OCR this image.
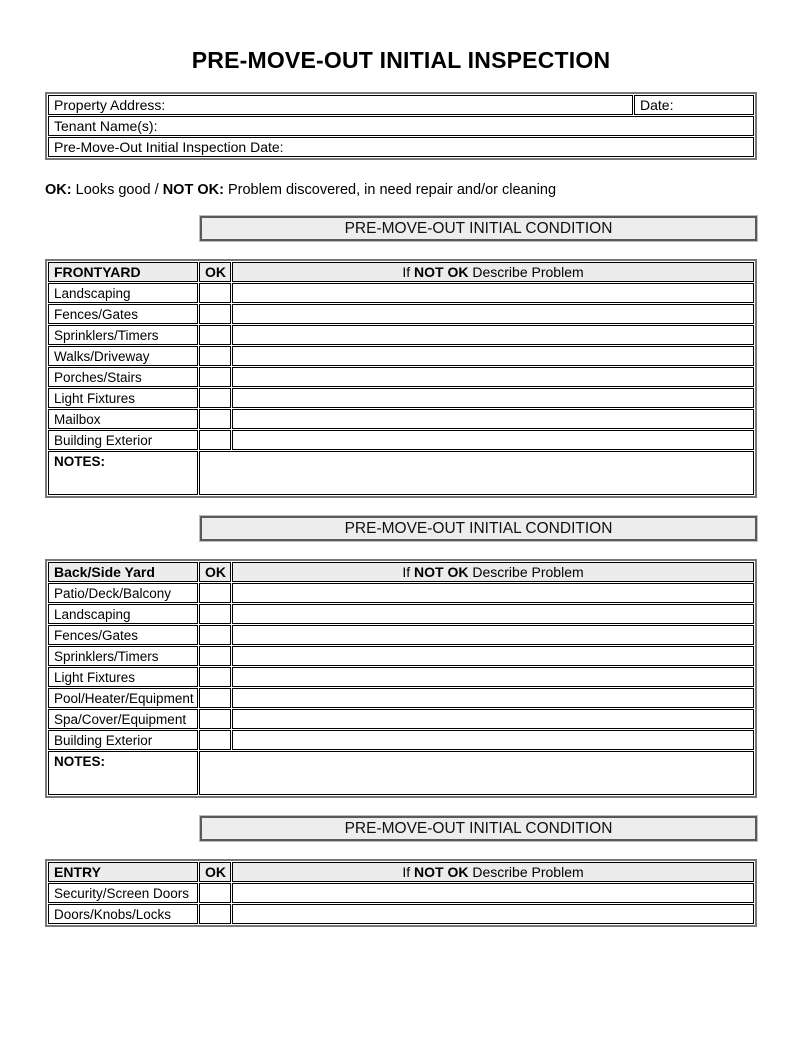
PRE-MOVE-OUT INITIAL INSPECTION
Property Address:	Date:
Tenant Name(s):
Pre-Move-Out Initial Inspection Date:
OK: Looks good / NOT OK: Problem discovered, in need repair and/or cleaning
PRE-MOVE-OUT INITIAL CONDITION
FRONTYARD	OK	If NOT OK Describe Problem
Landscaping		
Fences/Gates		
Sprinklers/Timers		
Walks/Driveway		
Porches/Stairs		
Light Fixtures		
Mailbox		
Building Exterior		
NOTES:		
PRE-MOVE-OUT INITIAL CONDITION
Back/Side Yard	OK	If NOT OK Describe Problem
Patio/Deck/Balcony		
Landscaping		
Fences/Gates		
Sprinklers/Timers		
Light Fixtures		
Pool/Heater/Equipment		
Spa/Cover/Equipment		
Building Exterior		
NOTES:		
PRE-MOVE-OUT INITIAL CONDITION
ENTRY	OK	If NOT OK Describe Problem
Security/Screen Doors		
Doors/Knobs/Locks		
